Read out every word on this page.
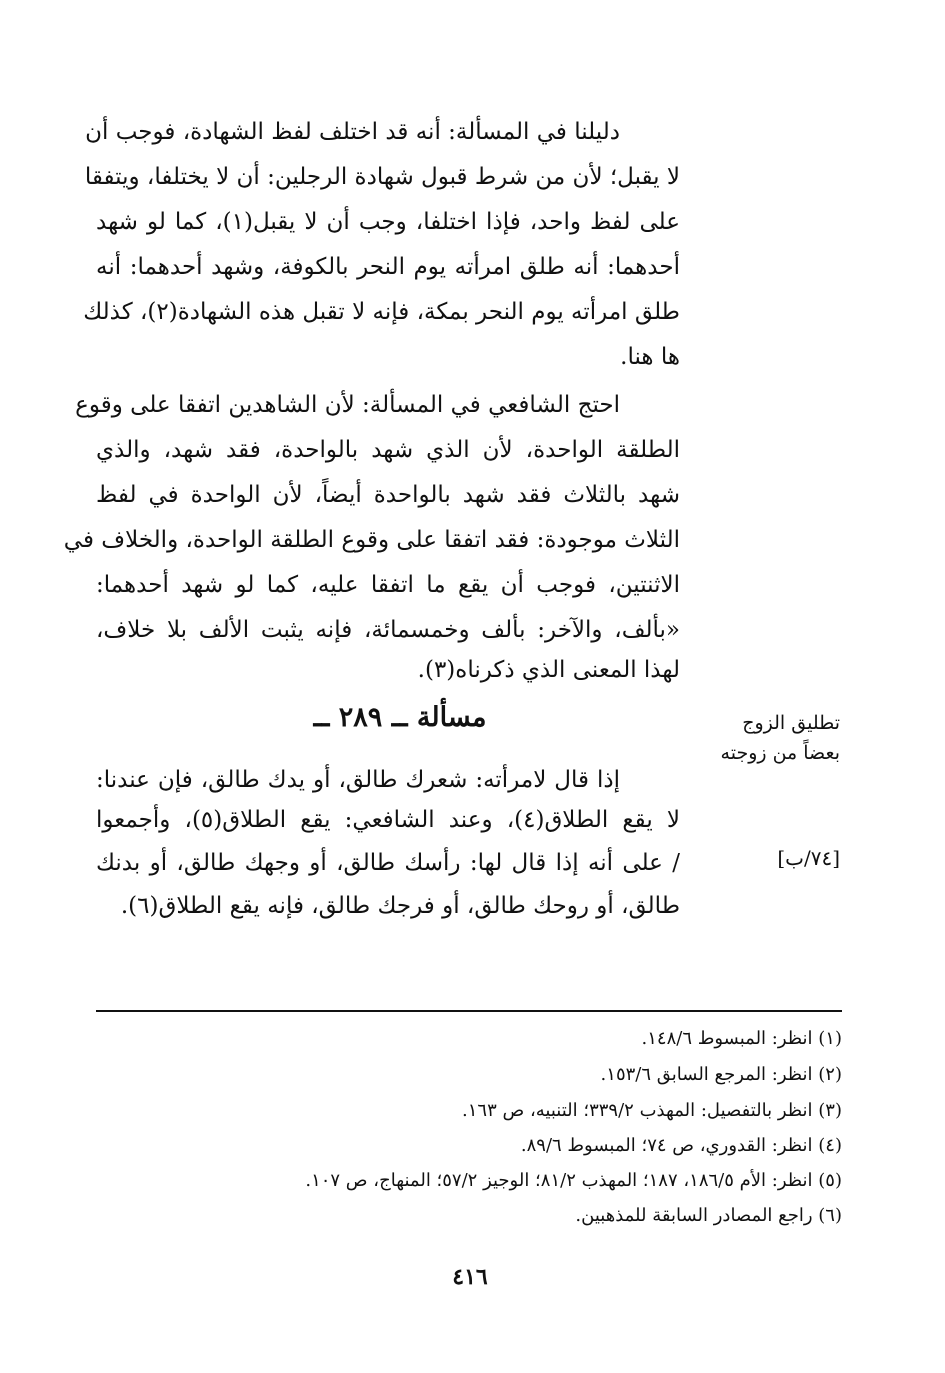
دليلنا في المسألة: أنه قد اختلف لفظ الشهادة، فوجب أن
لا يقبل؛ لأن من شرط قبول شهادة الرجلين: أن لا يختلفا، ويتفقا
على لفظ واحد، فإذا اختلفا، وجب أن لا يقبل(١)، كما لو شهد
أحدهما: أنه طلق امرأته يوم النحر بالكوفة، وشهد أحدهما: أنه
طلق امرأته يوم النحر بمكة، فإنه لا تقبل هذه الشهادة(٢)، كذلك
ها هنا.
احتج الشافعي في المسألة: لأن الشاهدين اتفقا على وقوع
الطلقة الواحدة، لأن الذي شهد بالواحدة، فقد شهد، والذي
شهد بالثلاث فقد شهد بالواحدة أيضاً، لأن الواحدة في لفظ
الثلاث موجودة: فقد اتفقا على وقوع الطلقة الواحدة، والخلاف في
الاثنتين، فوجب أن يقع ما اتفقا عليه، كما لو شهد أحدهما:
«بألف، والآخر: بألف وخمسمائة، فإنه يثبت الألف بلا خلاف،
لهذا المعنى الذي ذكرناه(٣).
مسألة ــ ٢٨٩ ــ	تطليق الزوج
بعضاً من زوجته
[٧٤/ب]
إذا قال لامرأته: شعرك طالق، أو يدك طالق، فإن عندنا:
لا يقع الطلاق(٤)، وعند الشافعي: يقع الطلاق(٥)، وأجمعوا
/ على أنه إذا قال لها: رأسك طالق، أو وجهك طالق، أو بدنك
طالق، أو روحك طالق، أو فرجك طالق، فإنه يقع الطلاق(٦).
(١) انظر: المبسوط ١٤٨/٦.
(٢) انظر: المرجع السابق ١٥٣/٦.
(٣) انظر بالتفصيل: المهذب ٣٣٩/٢؛ التنبيه، ص ١٦٣.
(٤) انظر: القدوري، ص ٧٤؛ المبسوط ٨٩/٦.
(٥) انظر: الأم ١٨٦/٥، ١٨٧؛ المهذب ٨١/٢؛ الوجيز ٥٧/٢؛ المنهاج، ص ١٠٧.
(٦) راجع المصادر السابقة للمذهبين.
٤١٦
